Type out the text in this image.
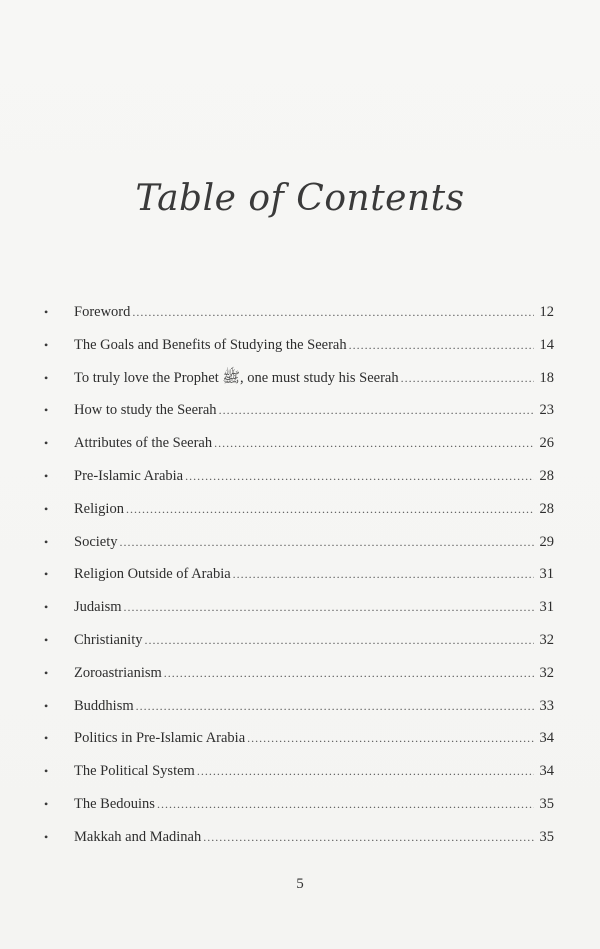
Table of Contents
•	Foreword .....	12
•	The Goals and Benefits of Studying the Seerah .....	14
•	To truly love the Prophet ﷺ, one must study his Seerah .....	18
•	How to study the Seerah .....	23
•	Attributes of the Seerah .....	26
•	Pre-Islamic Arabia .....	28
•	Religion .....	28
•	Society .....	29
•	Religion Outside of Arabia .....	31
•	Judaism .....	31
•	Christianity .....	32
•	Zoroastrianism .....	32
•	Buddhism .....	33
•	Politics in Pre-Islamic Arabia .....	34
•	The Political System .....	34
•	The Bedouins .....	35
•	Makkah and Madinah .....	35
5
